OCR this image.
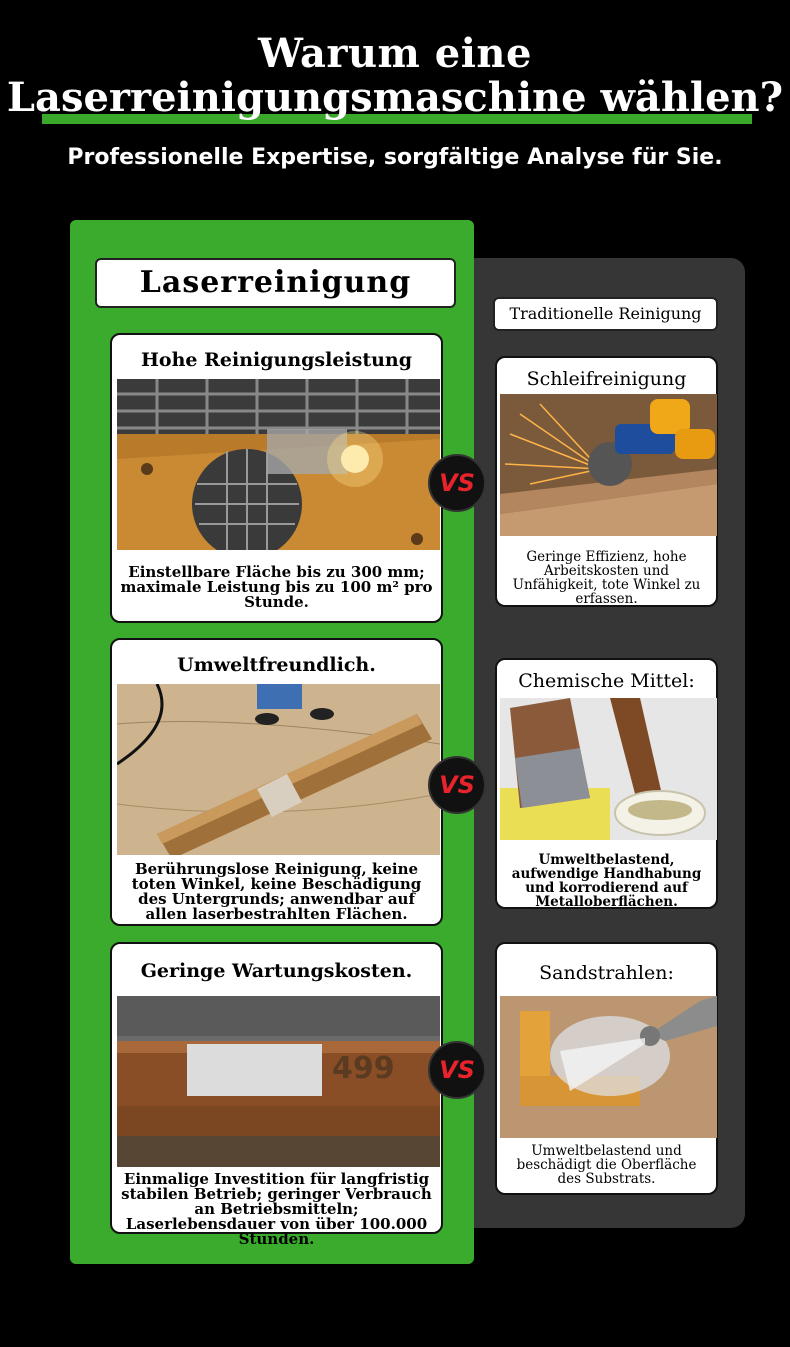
Warum eine
Laserreinigungsmaschine wählen?
Professionelle Expertise, sorgfältige Analyse für Sie.
Laserreinigung
Traditionelle Reinigung
Hohe Reinigungsleistung
Einstellbare Fläche bis zu 300 mm; maximale Leistung bis zu 100 m² pro Stunde.
Umweltfreundlich.
Berührungslose Reinigung, keine toten Winkel, keine Beschädigung des Untergrunds; anwendbar auf allen laserbestrahlten Flächen.
Geringe Wartungskosten.
499
Einmalige Investition für langfristig stabilen Betrieb; geringer Verbrauch an Betriebsmitteln; Laserlebensdauer von über 100.000 Stunden.
Schleifreinigung
Geringe Effizienz, hohe Arbeitskosten und Unfähigkeit, tote Winkel zu erfassen.
Chemische Mittel:
Umweltbelastend, aufwendige Handhabung und korrodierend auf Metalloberflächen.
Sandstrahlen:
Umweltbelastend und beschädigt die Oberfläche des Substrats.
VS
VS
VS
